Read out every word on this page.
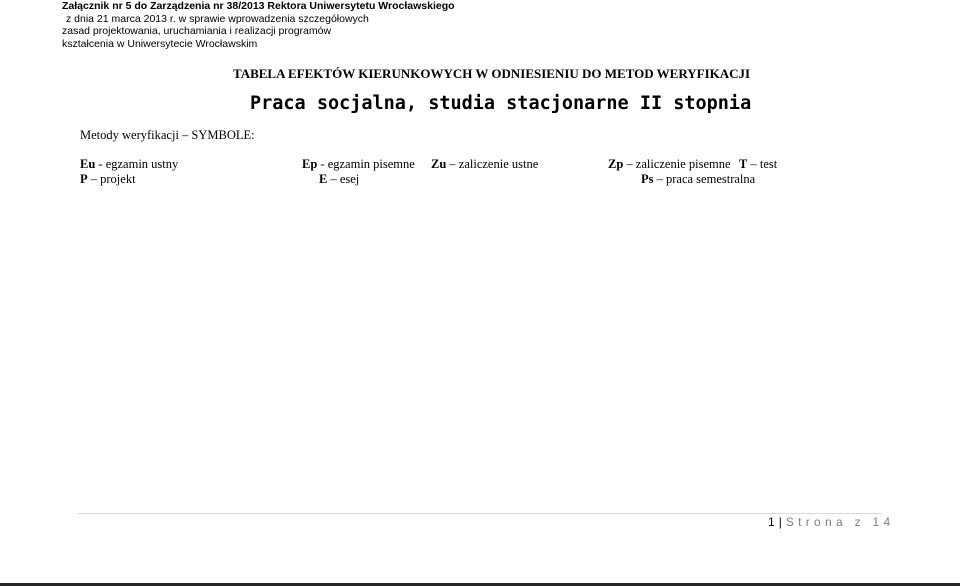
Załącznik nr 5 do Zarządzenia nr 38/2013 Rektora Uniwersytetu Wrocławskiego
z dnia 21 marca 2013 r. w sprawie wprowadzenia szczegółowych
zasad projektowania, uruchamiania i realizacji programów
kształcenia w Uniwersytecie Wrocławskim
TABELA EFEKTÓW KIERUNKOWYCH W ODNIESIENIU DO METOD WERYFIKACJI
Praca socjalna, studia stacjonarne II stopnia
Metody weryfikacji – SYMBOLE:
Eu - egzamin ustny	Ep - egzamin pisemne Zu – zaliczenie ustne	Zp – zaliczenie pisemne T – test
P – projekt	E – esej	Ps – praca semestralna
1 | Strona z 14
